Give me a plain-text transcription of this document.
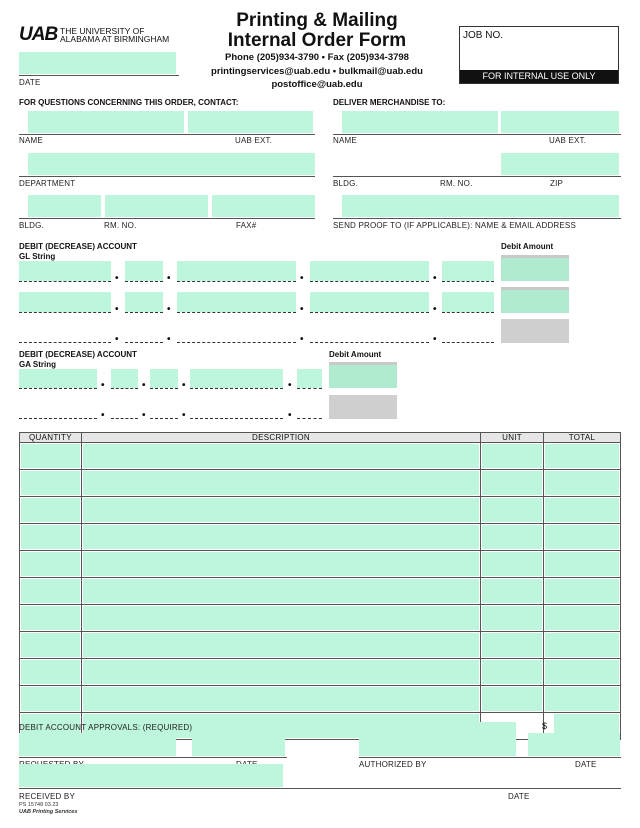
UAB THE UNIVERSITY OF
ALABAMA AT BIRMINGHAM
Printing & Mailing
Internal Order Form
Phone (205)934-3790 • Fax (205)934-3798
printingservices@uab.edu • bulkmail@uab.edu
postoffice@uab.edu
JOB NO.
FOR INTERNAL USE ONLY
DATE
FOR QUESTIONS CONCERNING THIS ORDER, CONTACT:	DELIVER MERCHANDISE TO:
NAME	UAB EXT.	NAME	UAB EXT.
DEPARTMENT	BLDG.	RM. NO.	ZIP
BLDG.	RM. NO.	FAX#	SEND PROOF TO (IF APPLICABLE): NAME & EMAIL ADDRESS
DEBIT (DECREASE) ACCOUNT
GL String
Debit Amount
•	•	•	•
•	•	•	•
•	•	•	•
DEBIT (DECREASE) ACCOUNT
GA String
Debit Amount
•	•	•	•
•	•	•	•
QUANTITY	DESCRIPTION	UNIT	TOTAL

$
DEBIT ACCOUNT APPROVALS: (REQUIRED)
AUTHORIZED BY	DATE
RECEIVED BY	DATE
PS 15748 03.23
UAB Printing Services
